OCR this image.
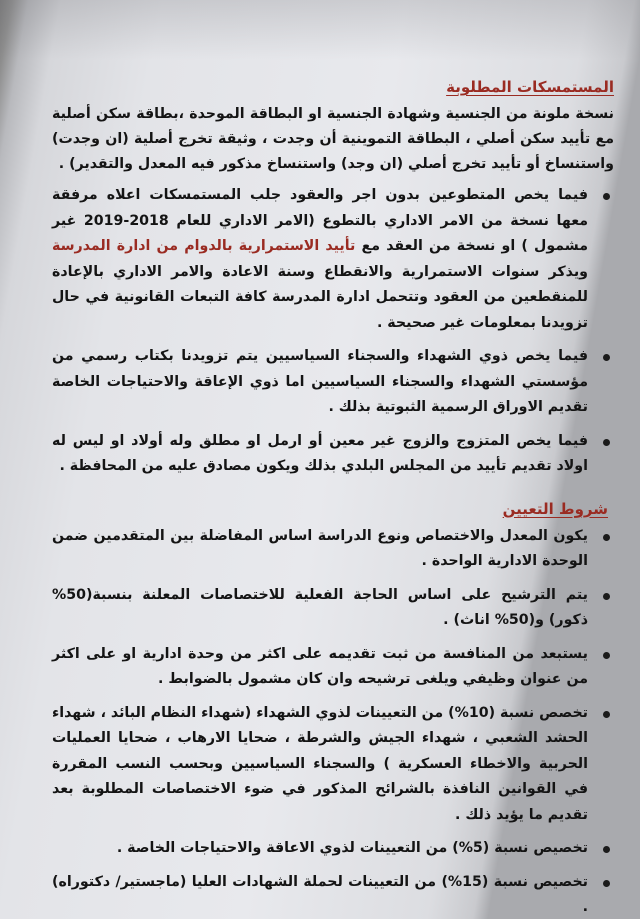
المستمسكات المطلوبة

نسخة ملونة من الجنسية وشهادة الجنسية او البطاقة الموحدة ،بطاقة سكن أصلية مع تأييد سكن أصلي ، البطاقة التموينية أن وجدت ، وثيقة تخرج أصلية (ان وجدت) واستنساخ أو تأييد تخرج أصلي (ان وجد) واستنساخ مذكور فيه المعدل والتقدير) .

فيما يخص المتطوعين بدون اجر والعقود جلب المستمسكات اعلاه مرفقة معها نسخة من الامر الاداري بالتطوع (الامر الاداري للعام 2018-2019 غير مشمول ) او نسخة من العقد مع تأييد الاستمرارية بالدوام من ادارة المدرسة ويذكر سنوات الاستمرارية والانقطاع وسنة الاعادة والامر الاداري بالإعادة للمنقطعين من العقود وتتحمل ادارة المدرسة كافة التبعات القانونية في حال تزويدنا بمعلومات غير صحيحة .
فيما يخص ذوي الشهداء والسجناء السياسيين يتم تزويدنا بكتاب رسمي من مؤسستي الشهداء والسجناء السياسيين اما ذوي الإعاقة والاحتياجات الخاصة تقديم الاوراق الرسمية الثبوتية بذلك .
فيما يخص المتزوج والزوج غير معين أو ارمل او مطلق وله أولاد او ليس له اولاد تقديم تأييد من المجلس البلدي بذلك ويكون مصادق عليه من المحافظة .
شروط التعيين
يكون المعدل والاختصاص ونوع الدراسة اساس المفاضلة بين المتقدمين ضمن الوحدة الادارية الواحدة .
يتم الترشيح على اساس الحاجة الفعلية للاختصاصات المعلنة بنسبة(50% ذكور) و(50% اناث) .
يستبعد من المنافسة من ثبت تقديمه على اكثر من وحدة ادارية او على اكثر من عنوان وظيفي ويلغى ترشيحه وان كان مشمول بالضوابط .
تخصص نسبة (10%) من التعيينات لذوي الشهداء (شهداء النظام البائد ، شهداء الحشد الشعبي ، شهداء الجيش والشرطة ، ضحايا الارهاب ، ضحايا العمليات الحربية والاخطاء العسكرية ) والسجناء السياسيين وبحسب النسب المقررة في القوانين النافذة بالشرائح المذكور في ضوء الاختصاصات المطلوبة بعد تقديم ما يؤيد ذلك .
تخصيص نسبة (5%) من التعيينات لذوي الاعاقة والاحتياجات الخاصة .
تخصيص نسبة (15%) من التعيينات لحملة الشهادات العليا (ماجستير/ دكتوراه) .
